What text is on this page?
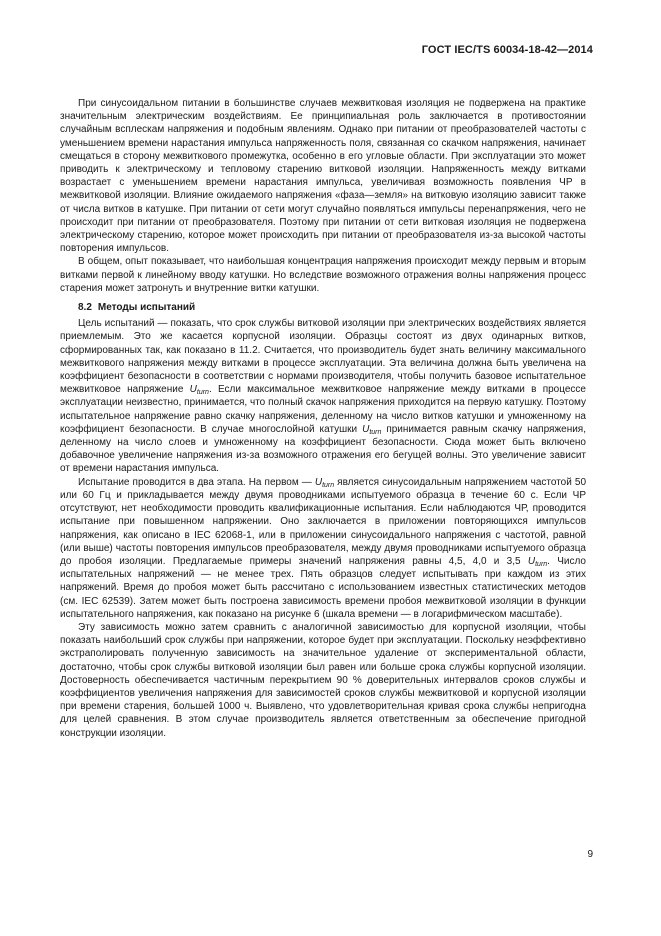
ГОСТ IEC/TS 60034-18-42—2014

При синусоидальном питании в большинстве случаев межвитковая изоляция не подвержена на практике значительным электрическим воздействиям. Ее принципиальная роль заключается в противостоянии случайным всплескам напряжения и подобным явлениям. Однако при питании от преобразователей частоты с уменьшением времени нарастания импульса напряженность поля, связанная со скачком напряжения, начинает смещаться в сторону межвиткового промежутка, особенно в его угловые области. При эксплуатации это может приводить к электрическому и тепловому старению витковой изоляции. Напряженность между витками возрастает с уменьшением времени нарастания импульса, увеличивая возможность появления ЧР в межвитковой изоляции. Влияние ожидаемого напряжения «фаза—земля» на витковую изоляцию зависит также от числа витков в катушке. При питании от сети могут случайно появляться импульсы перенапряжения, чего не происходит при питании от преобразователя. Поэтому при питании от сети витковая изоляция не подвержена электрическому старению, которое может происходить при питании от преобразователя из-за высокой частоты повторения импульсов.

В общем, опыт показывает, что наибольшая концентрация напряжения происходит между первым и вторым витками первой к линейному вводу катушки. Но вследствие возможного отражения волны напряжения процесс старения может затронуть и внутренние витки катушки.

8.2 Методы испытаний

Цель испытаний — показать, что срок службы витковой изоляции при электрических воздействиях является приемлемым. Это же касается корпусной изоляции. Образцы состоят из двух одинарных витков, сформированных так, как показано в 11.2. Считается, что производитель будет знать величину максимального межвиткового напряжения между витками в процессе эксплуатации. Эта величина должна быть увеличена на коэффициент безопасности в соответствии с нормами производителя, чтобы получить базовое испытательное межвитковое напряжение $U_{turn}$. Если максимальное межвитковое напряжение между витками в процессе эксплуатации неизвестно, принимается, что полный скачок напряжения приходится на первую катушку. Поэтому испытательное напряжение равно скачку напряжения, деленному на число витков катушки и умноженному на коэффициент безопасности. В случае многослойной катушки $U_{turn}$ принимается равным скачку напряжения, деленному на число слоев и умноженному на коэффициент безопасности. Сюда может быть включено добавочное увеличение напряжения из-за возможного отражения его бегущей волны. Это увеличение зависит от времени нарастания импульса.

Испытание проводится в два этапа. На первом — $U_{turn}$ является синусоидальным напряжением частотой 50 или 60 Гц и прикладывается между двумя проводниками испытуемого образца в течение 60 с. Если ЧР отсутствуют, нет необходимости проводить квалификационные испытания. Если наблюдаются ЧР, проводится испытание при повышенном напряжении. Оно заключается в приложении повторяющихся импульсов напряжения, как описано в IEC 62068-1, или в приложении синусоидального напряжения с частотой, равной (или выше) частоты повторения импульсов преобразователя, между двумя проводниками испытуемого образца до пробоя изоляции. Предлагаемые примеры значений напряжения равны 4,5, 4,0 и 3,5 $U_{turn}$. Число испытательных напряжений — не менее трех. Пять образцов следует испытывать при каждом из этих напряжений. Время до пробоя может быть рассчитано с использованием известных статистических методов (см. IEC 62539). Затем может быть построена зависимость времени пробоя межвитковой изоляции в функции испытательного напряжения, как показано на рисунке 6 (шкала времени — в логарифмическом масштабе).

Эту зависимость можно затем сравнить с аналогичной зависимостью для корпусной изоляции, чтобы показать наибольший срок службы при напряжении, которое будет при эксплуатации. Поскольку неэффективно экстраполировать полученную зависимость на значительное удаление от экспериментальной области, достаточно, чтобы срок службы витковой изоляции был равен или больше срока службы корпусной изоляции. Достоверность обеспечивается частичным перекрытием 90 % доверительных интервалов сроков службы и коэффициентов увеличения напряжения для зависимостей сроков службы межвитковой и корпусной изоляции при времени старения, большей 1000 ч. Выявлено, что удовлетворительная кривая срока службы непригодна для целей сравнения. В этом случае производитель является ответственным за обеспечение пригодной конструкции изоляции.

9
